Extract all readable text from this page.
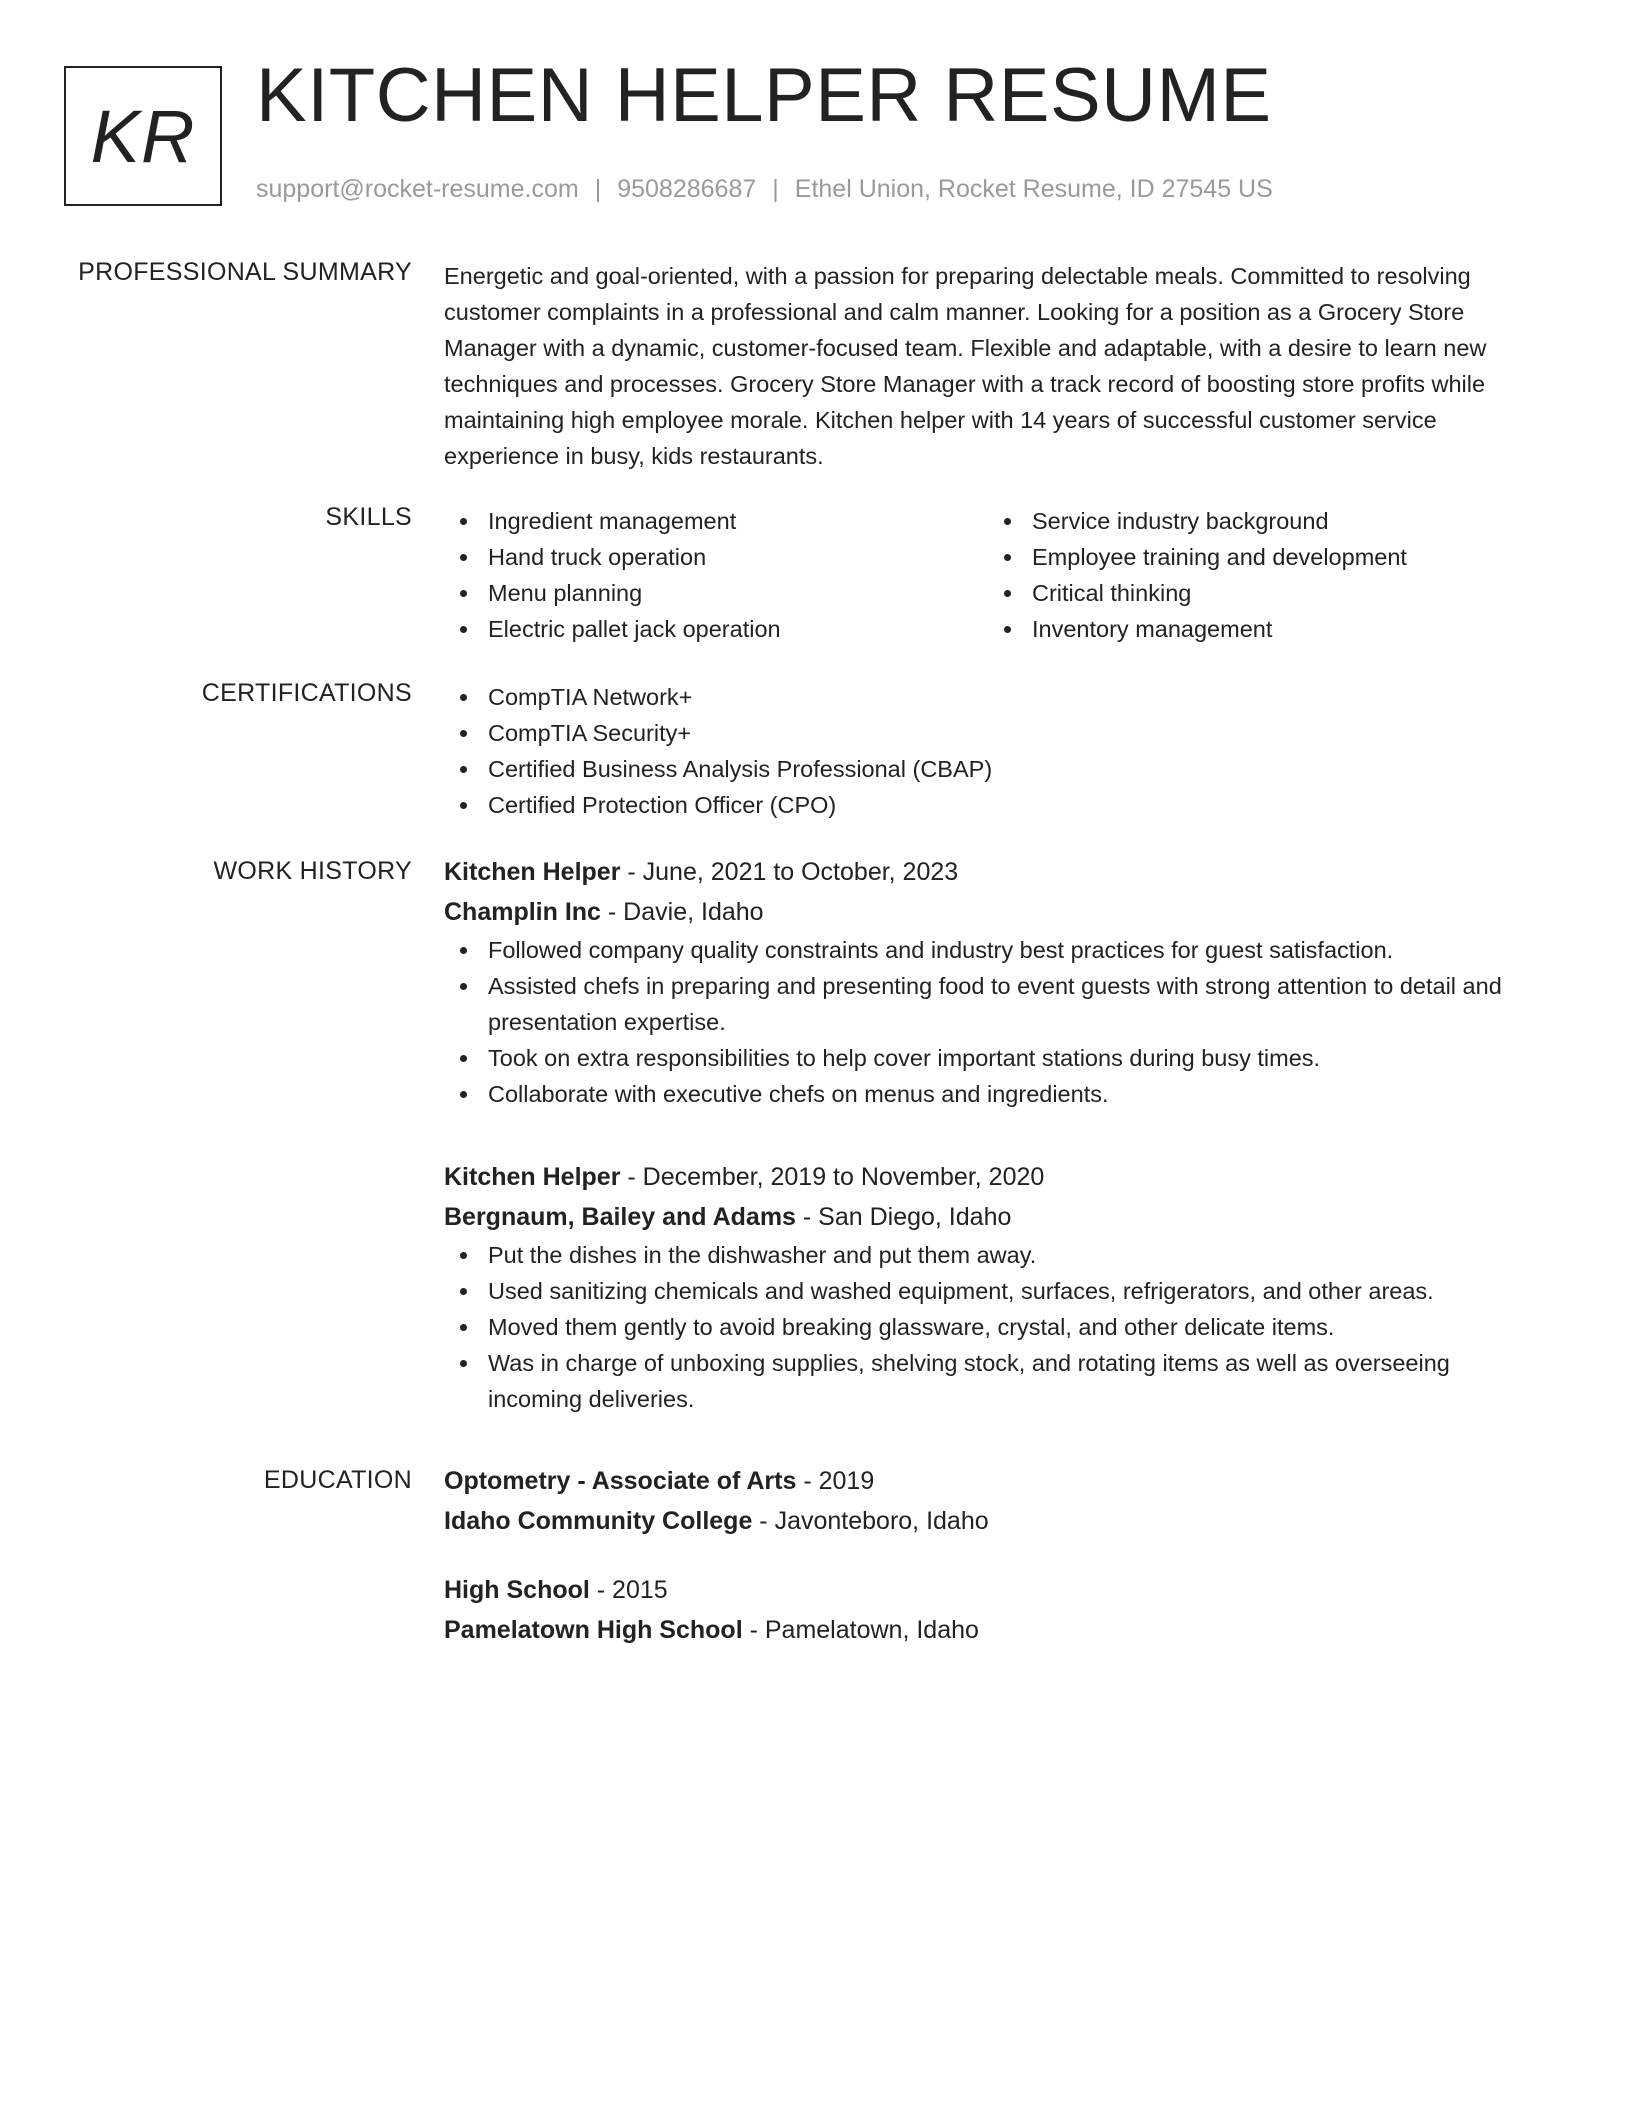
KR KITCHEN HELPER RESUME
support@rocket-resume.com | 9508286687 | Ethel Union, Rocket Resume, ID 27545 US
PROFESSIONAL SUMMARY Energetic and goal-oriented, with a passion for preparing delectable meals. Committed to resolving customer complaints in a professional and calm manner. Looking for a position as a Grocery Store Manager with a dynamic, customer-focused team. Flexible and adaptable, with a desire to learn new techniques and processes. Grocery Store Manager with a track record of boosting store profits while maintaining high employee morale. Kitchen helper with 14 years of successful customer service experience in busy, kids restaurants.
SKILLS	Ingredient management
Hand truck operation
Menu planning
Electric pallet jack operation
Service industry background
Employee training and development
Critical thinking
Inventory management
CERTIFICATIONS	CompTIA Network+
CompTIA Security+
Certified Business Analysis Professional (CBAP)
Certified Protection Officer (CPO)
WORK HISTORY Kitchen Helper - June, 2021 to October, 2023
Champlin Inc - Davie, Idaho
Followed company quality constraints and industry best practices for guest satisfaction.
Assisted chefs in preparing and presenting food to event guests with strong attention to detail and presentation expertise.
Took on extra responsibilities to help cover important stations during busy times.
Collaborate with executive chefs on menus and ingredients.
Kitchen Helper - December, 2019 to November, 2020
Bergnaum, Bailey and Adams - San Diego, Idaho
Put the dishes in the dishwasher and put them away.
Used sanitizing chemicals and washed equipment, surfaces, refrigerators, and other areas.
Moved them gently to avoid breaking glassware, crystal, and other delicate items.
Was in charge of unboxing supplies, shelving stock, and rotating items as well as overseeing incoming deliveries.
EDUCATION Optometry - Associate of Arts - 2019
Idaho Community College - Javonteboro, Idaho
High School - 2015
Pamelatown High School - Pamelatown, Idaho
